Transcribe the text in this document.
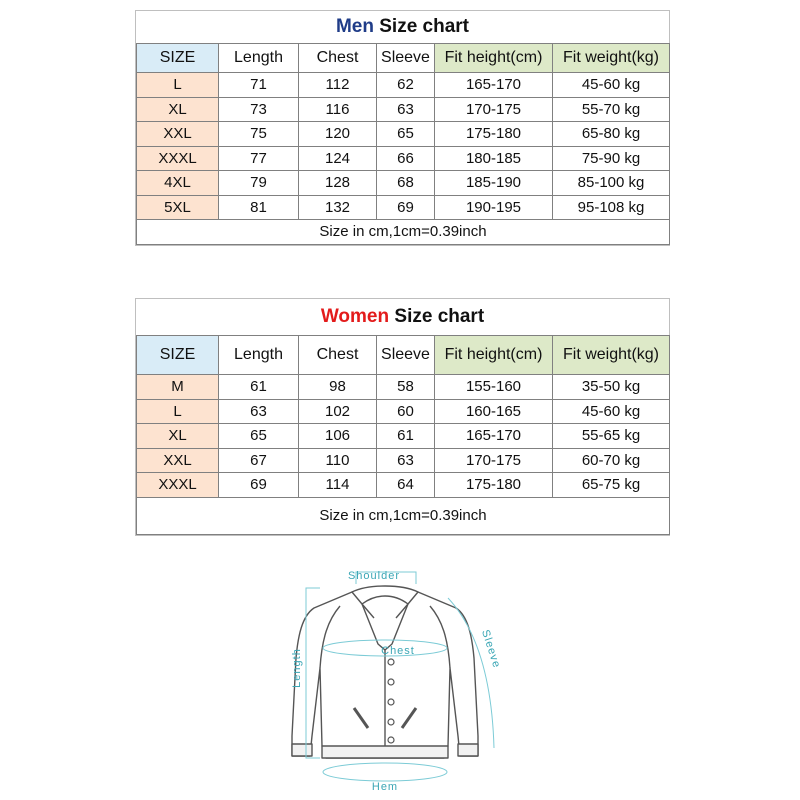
Men
Size chart
SIZE	Length	Chest	Sleeve	Fit height(cm)	Fit weight(kg)
L	71	112	62	165-170	45-60 kg
XL	73	116	63	170-175	55-70 kg
XXL	75	120	65	175-180	65-80 kg
XXXL	77	124	66	180-185	75-90 kg
4XL	79	128	68	185-190	85-100 kg
5XL	81	132	69	190-195	95-108 kg
Size in cm,1cm=0.39inch					
Women
Size chart
SIZE	Length	Chest	Sleeve	Fit height(cm)	Fit weight(kg)
M	61	98	58	155-160	35-50 kg
L	63	102	60	160-165	45-60 kg
XL	65	106	61	165-170	55-65 kg
XXL	67	110	63	170-175	60-70 kg
XXXL	69	114	64	175-180	65-75 kg
Size in cm,1cm=0.39inch					
Shoulder
Chest
Hem
Length	Sleeve
